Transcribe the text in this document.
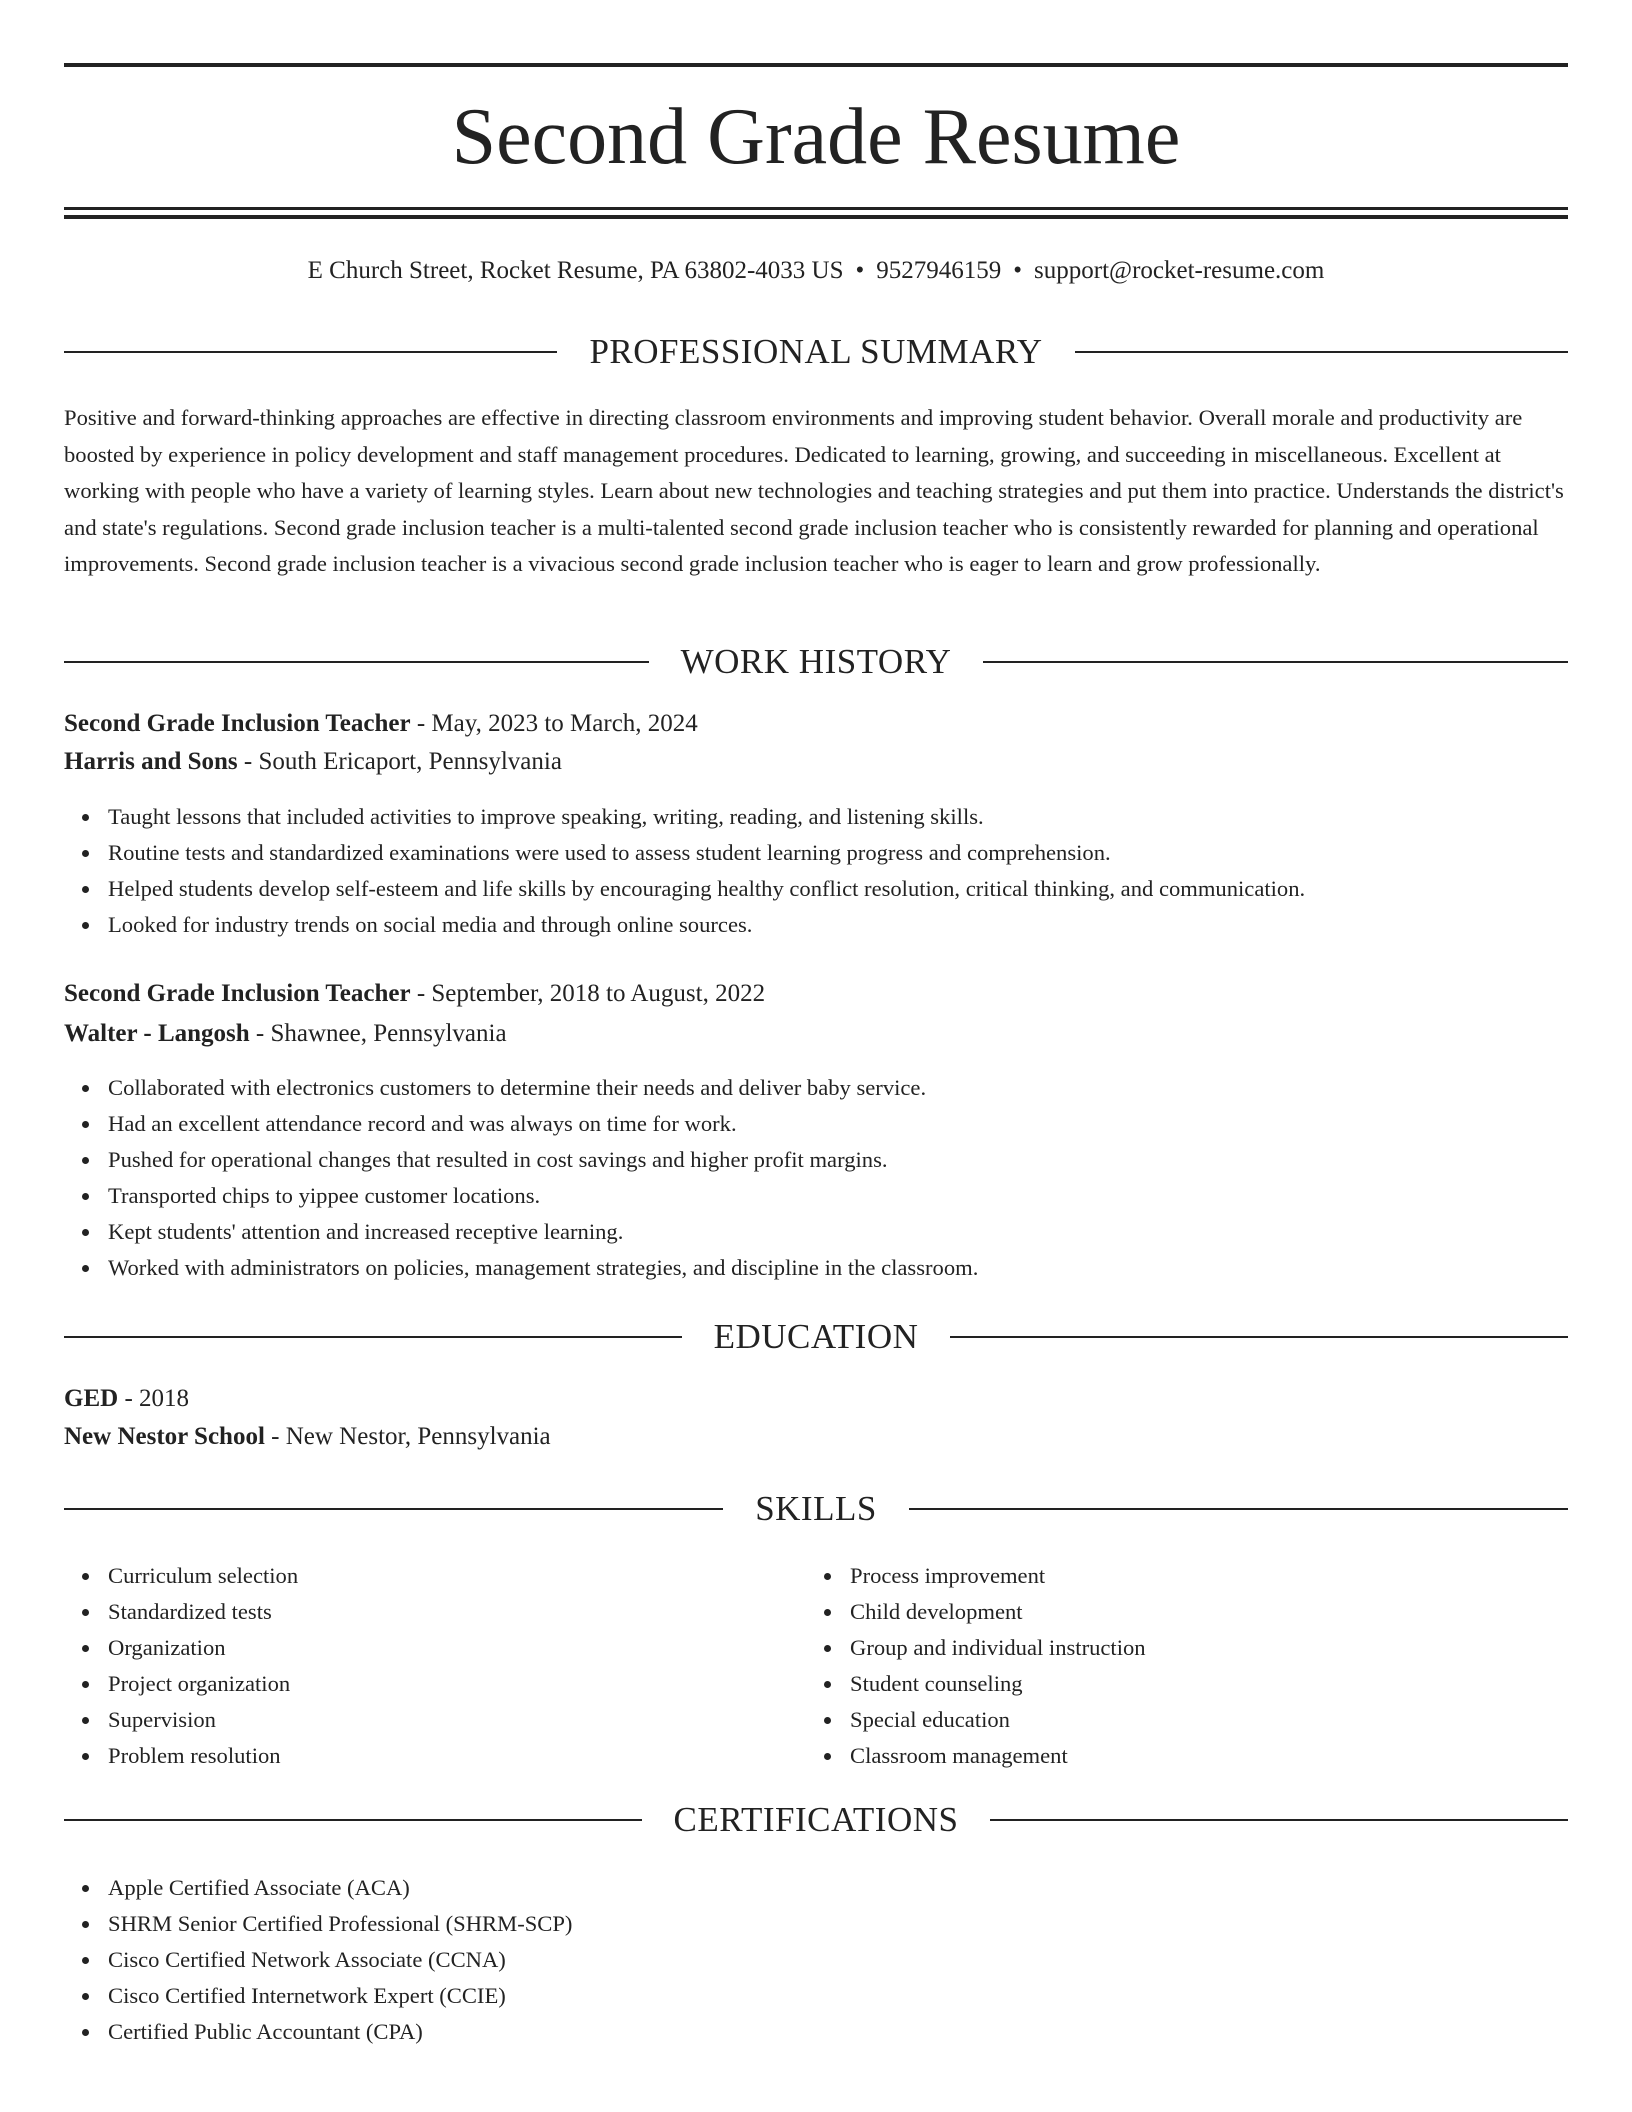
Second Grade Resume
E Church Street, Rocket Resume, PA 63802-4033 US • 9527946159 • support@rocket-resume.com
PROFESSIONAL SUMMARY

Positive and forward-thinking approaches are effective in directing classroom environments and improving student behavior. Overall morale and productivity are boosted by experience in policy development and staff management procedures. Dedicated to learning, growing, and succeeding in miscellaneous. Excellent at working with people who have a variety of learning styles. Learn about new technologies and teaching strategies and put them into practice. Understands the district's and state's regulations. Second grade inclusion teacher is a multi-talented second grade inclusion teacher who is consistently rewarded for planning and operational improvements. Second grade inclusion teacher is a vivacious second grade inclusion teacher who is eager to learn and grow professionally.

WORK HISTORY
Second Grade Inclusion Teacher - May, 2023 to March, 2024
Harris and Sons - South Ericaport, Pennsylvania
Taught lessons that included activities to improve speaking, writing, reading, and listening skills.
Routine tests and standardized examinations were used to assess student learning progress and comprehension.
Helped students develop self-esteem and life skills by encouraging healthy conflict resolution, critical thinking, and communication.
Looked for industry trends on social media and through online sources.
Second Grade Inclusion Teacher - September, 2018 to August, 2022
Walter - Langosh - Shawnee, Pennsylvania
Collaborated with electronics customers to determine their needs and deliver baby service.
Had an excellent attendance record and was always on time for work.
Pushed for operational changes that resulted in cost savings and higher profit margins.
Transported chips to yippee customer locations.
Kept students' attention and increased receptive learning.
Worked with administrators on policies, management strategies, and discipline in the classroom.
EDUCATION
GED - 2018
New Nestor School - New Nestor, Pennsylvania
SKILLS
Curriculum selection
Standardized tests
Organization
Project organization
Supervision
Problem resolution
Process improvement
Child development
Group and individual instruction
Student counseling
Special education
Classroom management
CERTIFICATIONS
Apple Certified Associate (ACA)
SHRM Senior Certified Professional (SHRM-SCP)
Cisco Certified Network Associate (CCNA)
Cisco Certified Internetwork Expert (CCIE)
Certified Public Accountant (CPA)
